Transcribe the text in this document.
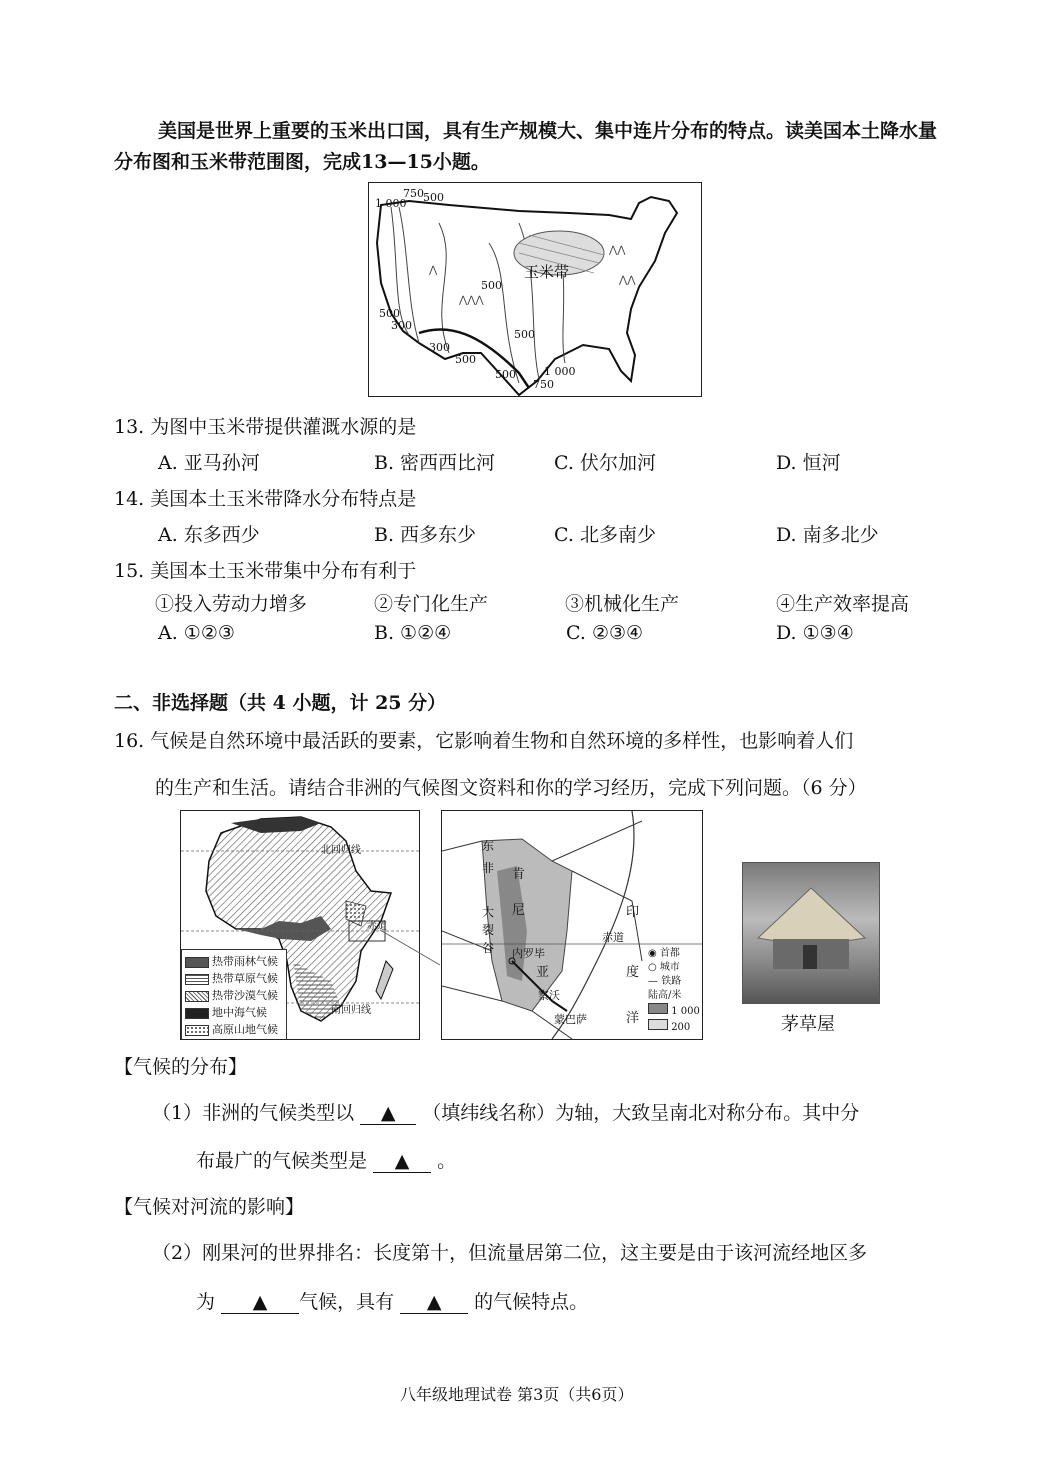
美国是世界上重要的玉米出口国，具有生产规模大、集中连片分布的特点。读美国本土降水量分布图和玉米带范围图，完成13—15小题。
⋀⋀
⋀⋀
⋀⋀⋀
⋀	玉米带
750 500
1 000
500
500
500
300
300
500
500
1 000
750
13. 为图中玉米带提供灌溉水源的是
A. 亚马孙河	B. 密西西比河	C. 伏尔加河	D. 恒河
14. 美国本土玉米带降水分布特点是
A. 东多西少	B. 西多东少	C. 北多南少	D. 南多北少
15. 美国本土玉米带集中分布有利于
①投入劳动力增多	②专门化生产	③机械化生产	④生产效率提高
A. ①②③	B. ①②④	C. ②③④	D. ①③④
二、非选择题（共 4 小题，计 25 分）
16. 气候是自然环境中最活跃的要素，它影响着生物和自然环境的多样性，也影响着人们
的生产和生活。请结合非洲的气候图文资料和你的学习经历，完成下列问题。（6 分）
北回归线
赤道
南回归线
热带雨林气候
热带草原气候
热带沙漠气候
地中海气候
高原山地气候
东
非
大
裂
谷
肯
尼
亚
赤道
印
度
洋
内罗毕
察沃
蒙巴萨
◉ 首都
○ 城市
— 铁路
陆高/米
1 000
200	茅草屋
【气候的分布】
（1）非洲的气候类型以 ▲ （填纬线名称）为轴，大致呈南北对称分布。其中分
布最广的气候类型是 ▲ 。
【气候对河流的影响】
（2）刚果河的世界排名：长度第十，但流量居第二位，这主要是由于该河流经地区多
为 ▲ 气候，具有 ▲ 的气候特点。
八年级地理试卷 第3页（共6页）
